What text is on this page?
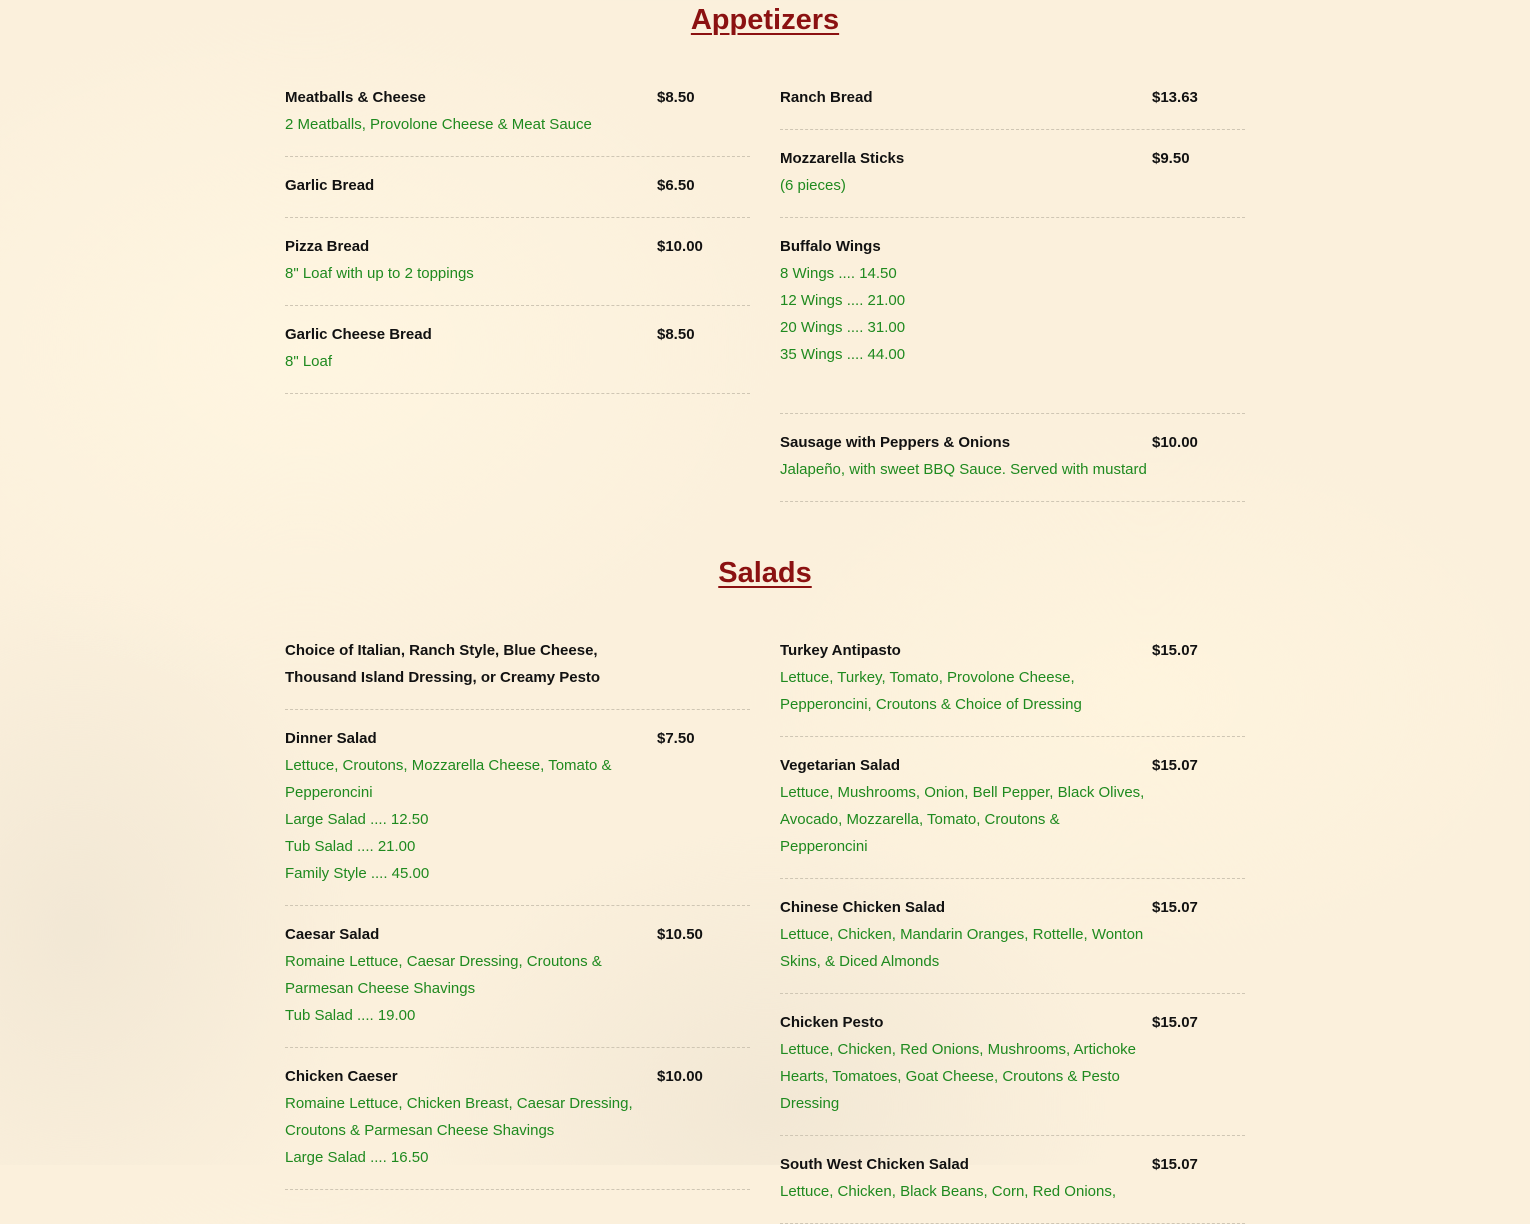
Appetizers
Meatballs & Cheese	$8.50
2 Meatballs, Provolone Cheese & Meat Sauce
Garlic Bread	$6.50
Pizza Bread	$10.00
8" Loaf with up to 2 toppings
Garlic Cheese Bread	$8.50
8" Loaf
Ranch Bread	$13.63
Mozzarella Sticks	$9.50
(6 pieces)
Buffalo Wings
8 Wings .... 14.50
12 Wings .... 21.00
20 Wings .... 31.00
35 Wings .... 44.00
Sausage with Peppers & Onions	$10.00
Jalapeño, with sweet BBQ Sauce. Served with mustard
Salads
Choice of Italian, Ranch Style, Blue Cheese, Thousand Island Dressing, or Creamy Pesto
Dinner Salad	$7.50
Lettuce, Croutons, Mozzarella Cheese, Tomato & Pepperoncini
Large Salad .... 12.50
Tub Salad .... 21.00
Family Style .... 45.00
Caesar Salad	$10.50
Romaine Lettuce, Caesar Dressing, Croutons & Parmesan Cheese Shavings
Tub Salad .... 19.00
Chicken Caeser	$10.00
Romaine Lettuce, Chicken Breast, Caesar Dressing, Croutons & Parmesan Cheese Shavings
Large Salad .... 16.50
Turkey Antipasto	$15.07
Lettuce, Turkey, Tomato, Provolone Cheese, Pepperoncini, Croutons & Choice of Dressing
Vegetarian Salad	$15.07
Lettuce, Mushrooms, Onion, Bell Pepper, Black Olives, Avocado, Mozzarella, Tomato, Croutons & Pepperoncini
Chinese Chicken Salad	$15.07
Lettuce, Chicken, Mandarin Oranges, Rottelle, Wonton Skins, & Diced Almonds
Chicken Pesto	$15.07
Lettuce, Chicken, Red Onions, Mushrooms, Artichoke Hearts, Tomatoes, Goat Cheese, Croutons & Pesto Dressing
South West Chicken Salad	$15.07
Lettuce, Chicken, Black Beans, Corn, Red Onions,
